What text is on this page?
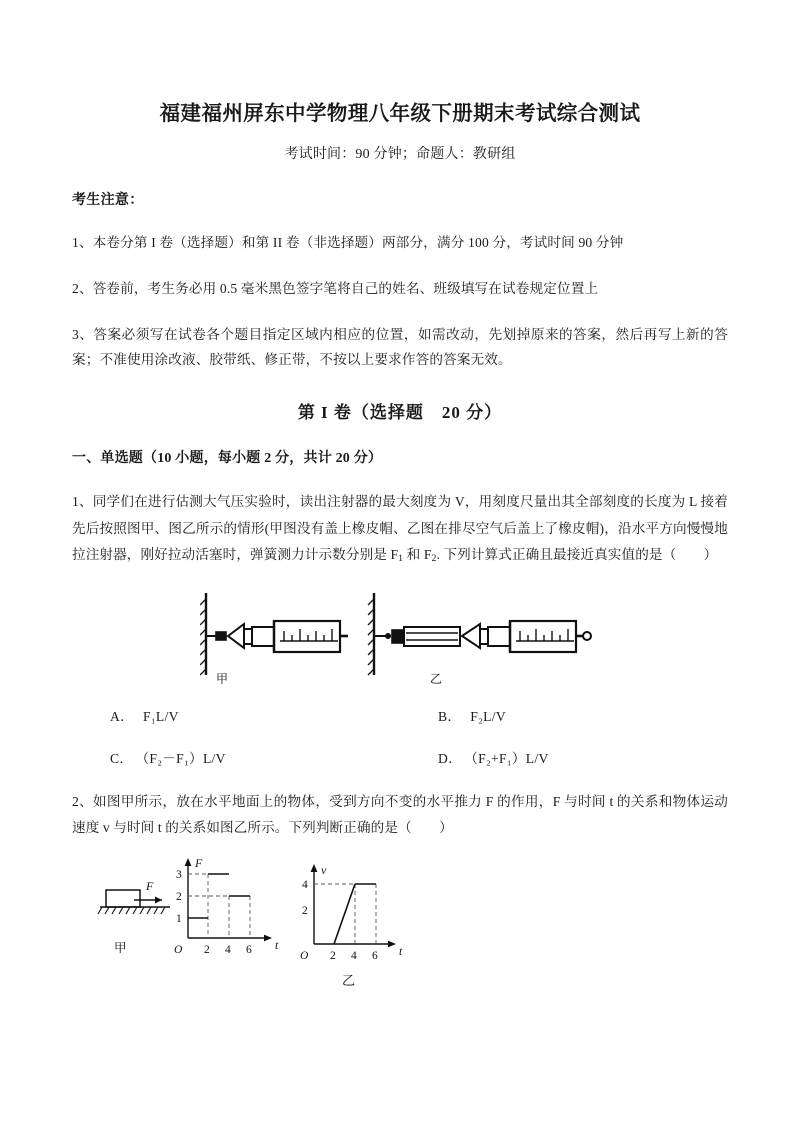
福建福州屏东中学物理八年级下册期末考试综合测试
考试时间：90 分钟；命题人：教研组
考生注意：

1、本卷分第 I 卷（选择题）和第 II 卷（非选择题）两部分，满分 100 分，考试时间 90 分钟

2、答卷前，考生务必用 0.5 毫米黑色签字笔将自己的姓名、班级填写在试卷规定位置上

3、答案必须写在试卷各个题目指定区域内相应的位置，如需改动，先划掉原来的答案，然后再写上新的答案；不准使用涂改液、胶带纸、修正带，不按以上要求作答的答案无效。

第 I 卷（选择题　20 分）
一、单选题（10 小题，每小题 2 分，共计 20 分）

1、同学们在进行估测大气压实验时，读出注射器的最大刻度为 V，用刻度尺量出其全部刻度的长度为 L 接着先后按照图甲、图乙所示的情形(甲图没有盖上橡皮帽、乙图在排尽空气后盖上了橡皮帽)，沿水平方向慢慢地拉注射器，刚好拉动活塞时，弹簧测力计示数分别是 $F_1$ 和 $F_2$. 下列计算式正确且最接近真实值的是（　　）

甲	乙
A． F₁L/V	B． F₂L/V
C． （F₂－F₁）L/V	D． （F₂+F₁）L/V

2、如图甲所示，放在水平地面上的物体，受到方向不变的水平推力 F 的作用，F 与时间 t 的关系和物体运动速度 v 与时间 t 的关系如图乙所示。下列判断正确的是（　　）

F
甲
F
t
3
2
1
O 2 4 6
v
t
4
2
O 2 4 6
乙
